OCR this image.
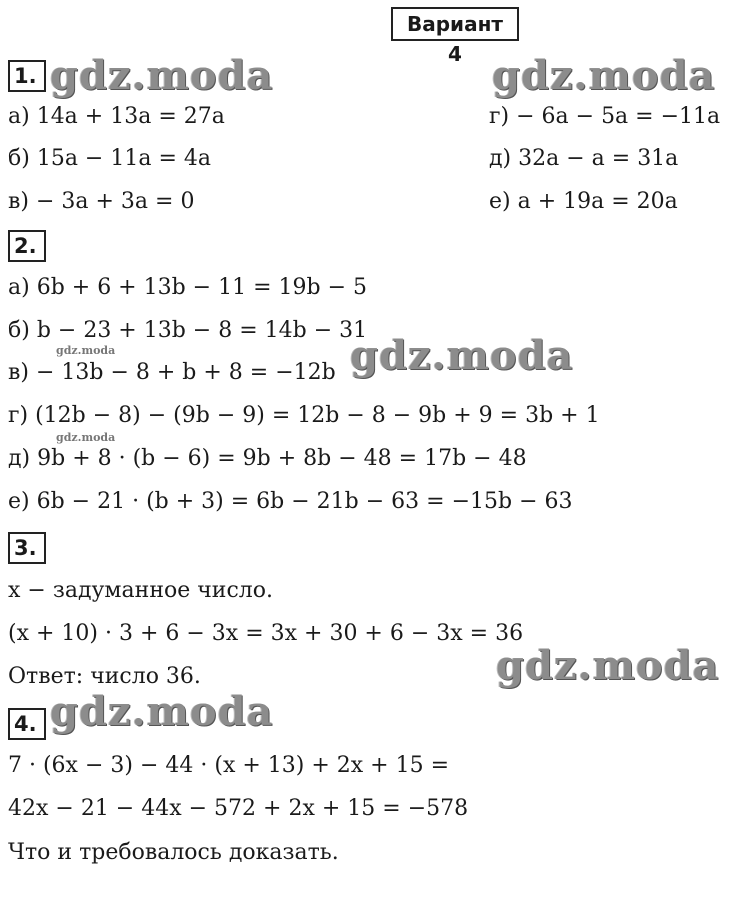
Вариант 4
1. gdz.moda	gdz.moda
а) 14a + 13a = 27a
б) 15a − 11a = 4a
в) − 3a + 3a = 0
г) − 6a − 5a = −11a
д) 32a − a = 31a
е) a + 19a = 20a
2.
а) 6b + 6 + 13b − 11 = 19b − 5
б) b − 23 + 13b − 8 = 14b − 31
gdz.moda
в) − 13b − 8 + b + 8 = −12b gdz.moda
г) (12b − 8) − (9b − 9) = 12b − 8 − 9b + 9 = 3b + 1
gdz.moda
д) 9b + 8 · (b − 6) = 9b + 8b − 48 = 17b − 48
е) 6b − 21 · (b + 3) = 6b − 21b − 63 = −15b − 63
3.
x − задуманное число.
(x + 10) · 3 + 6 − 3x = 3x + 30 + 6 − 3x = 36
Ответ: число 36.	gdz.moda
4. gdz.moda
7 · (6x − 3) − 44 · (x + 13) + 2x + 15 =
42x − 21 − 44x − 572 + 2x + 15 = −578
Что и требовалось доказать.
